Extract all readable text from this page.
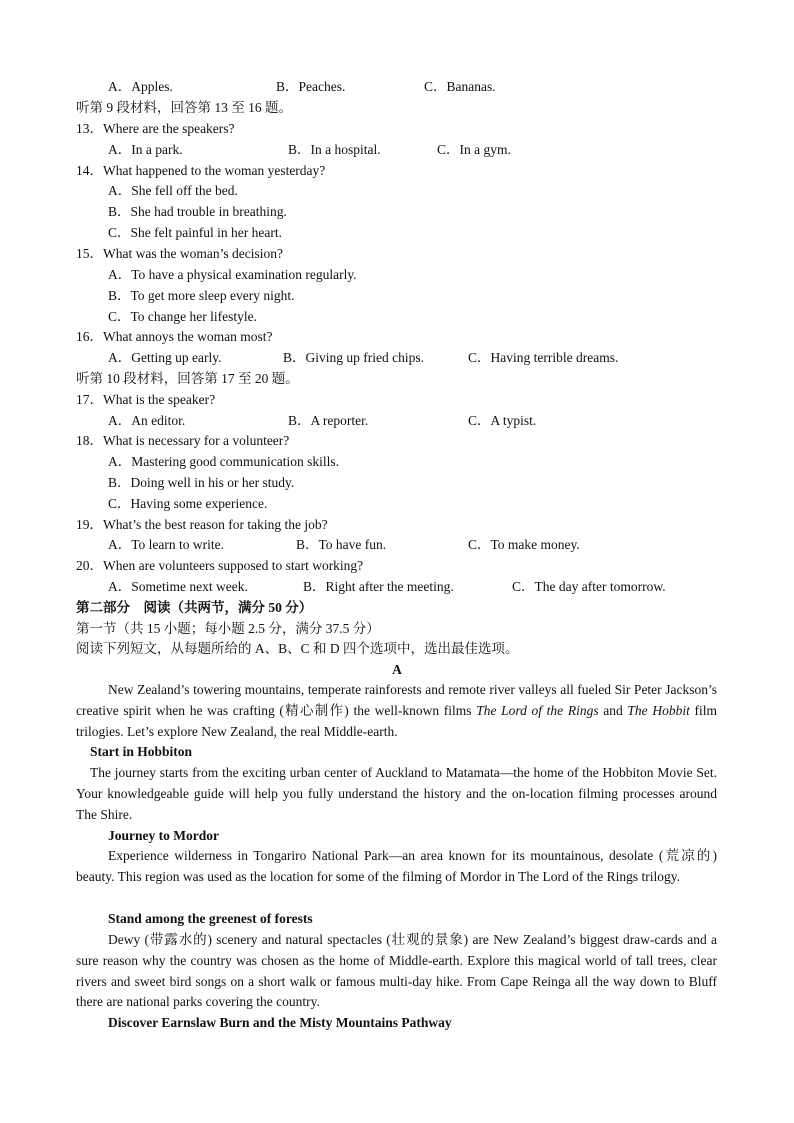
A．Apples.	B．Peaches.	C．Bananas.
听第 9 段材料，回答第 13 至 16 题。
13．Where are the speakers?
A．In a park.	B．In a hospital.	C．In a gym.
14．What happened to the woman yesterday?
A．She fell off the bed.
B．She had trouble in breathing.
C．She felt painful in her heart.
15．What was the woman’s decision?
A．To have a physical examination regularly.
B．To get more sleep every night.
C．To change her lifestyle.
16．What annoys the woman most?
A．Getting up early.	B．Giving up fried chips.	C．Having terrible dreams.
听第 10 段材料，回答第 17 至 20 题。
17．What is the speaker?
A．An editor.	B．A reporter.	C．A typist.
18．What is necessary for a volunteer?
A．Mastering good communication skills.
B．Doing well in his or her study.
C．Having some experience.
19．What’s the best reason for taking the job?
A．To learn to write.	B．To have fun.	C．To make money.
20．When are volunteers supposed to start working?
A．Sometime next week.	B．Right after the meeting.	C．The day after tomorrow.
第二部分　阅读（共两节，满分 50 分）
第一节（共 15 小题；每小题 2.5 分，满分 37.5 分）
阅读下列短文，从每题所给的 A、B、C 和 D 四个选项中，选出最佳选项。
A
New Zealand’s towering mountains, temperate rainforests and remote river valleys all fueled Sir Peter Jackson’s creative spirit when he was crafting (精心制作) the well-known films The Lord of the Rings and The Hobbit film trilogies. Let’s explore New Zealand, the real Middle-earth.
Start in Hobbiton
The journey starts from the exciting urban center of Auckland to Matamata—the home of the Hobbiton Movie Set. Your knowledgeable guide will help you fully understand the history and the on-location filming processes around The Shire.
Journey to Mordor
Experience wilderness in Tongariro National Park—an area known for its mountainous, desolate (荒凉的) beauty. This region was used as the location for some of the filming of Mordor in The Lord of the Rings trilogy.
Stand among the greenest of forests
Dewy (带露水的) scenery and natural spectacles (壮观的景象) are New Zealand’s biggest draw-cards and a sure reason why the country was chosen as the home of Middle-earth. Explore this magical world of tall trees, clear rivers and sweet bird songs on a short walk or famous multi-day hike. From Cape Reinga all the way down to Bluff there are national parks covering the country.
Discover Earnslaw Burn and the Misty Mountains Pathway
